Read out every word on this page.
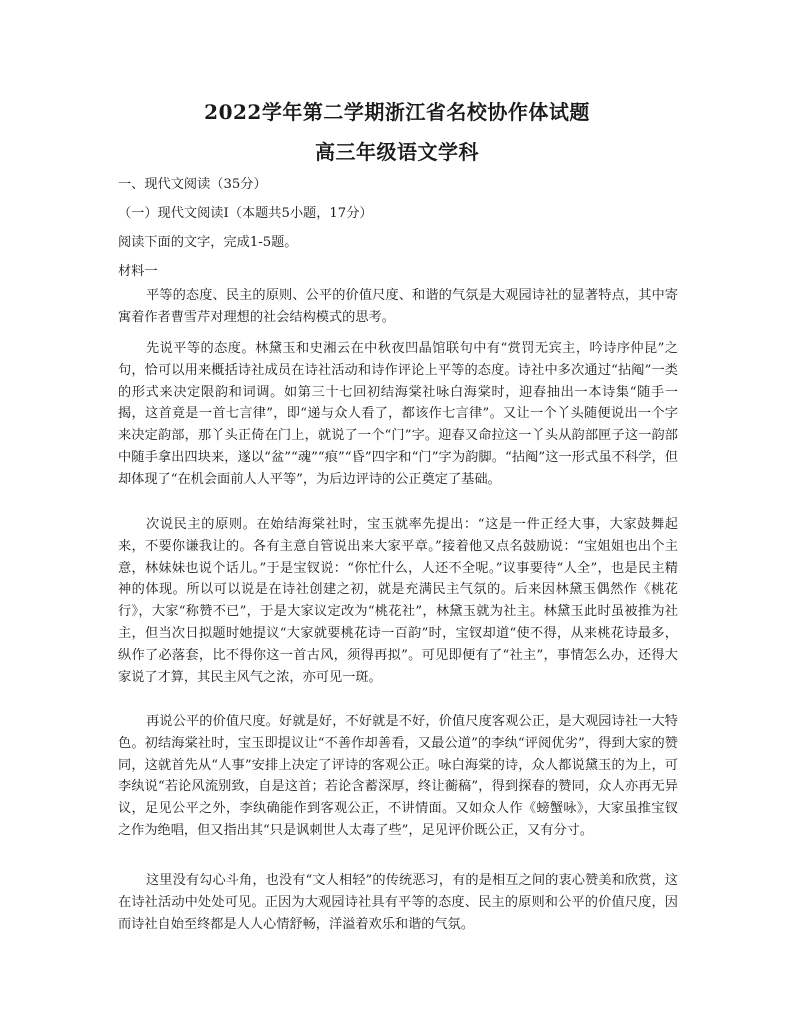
2022学年第二学期浙江省名校协作体试题
高三年级语文学科
一、现代文阅读（35分）
（一）现代文阅读I（本题共5小题，17分）
阅读下面的文字，完成1-5题。
材料一
平等的态度、民主的原则、公平的价值尺度、和谐的气氛是大观园诗社的显著特点，其中寄寓着作者曹雪芹对理想的社会结构模式的思考。
先说平等的态度。林黛玉和史湘云在中秋夜凹晶馆联句中有“赏罚无宾主，吟诗序仲昆”之句，恰可以用来概括诗社成员在诗社活动和诗作评论上平等的态度。诗社中多次通过“拈阄”一类的形式来决定限韵和词调。如第三十七回初结海棠社咏白海棠时，迎春抽出一本诗集“随手一揭，这首竟是一首七言律”，即“递与众人看了，都该作七言律”。又让一个丫头随便说出一个字来决定韵部，那丫头正倚在门上，就说了一个“门”字。迎春又命拉这一丫头从韵部匣子这一韵部中随手拿出四块来，遂以“盆”“魂”“痕”“昏”四字和“门”字为韵脚。“拈阄”这一形式虽不科学，但却体现了“在机会面前人人平等”，为后边评诗的公正奠定了基础。
次说民主的原则。在始结海棠社时，宝玉就率先提出：“这是一件正经大事，大家鼓舞起来，不要你谦我让的。各有主意自管说出来大家平章。”接着他又点名鼓励说：“宝姐姐也出个主意，林妹妹也说个话儿。”于是宝钗说：“你忙什么，人还不全呢。”议事要待“人全”，也是民主精神的体现。所以可以说是在诗社创建之初，就是充满民主气氛的。后来因林黛玉偶然作《桃花行》，大家“称赞不已”，于是大家议定改为“桃花社”，林黛玉就为社主。林黛玉此时虽被推为社主，但当次日拟题时她提议“大家就要桃花诗一百韵”时，宝钗却道“使不得，从来桃花诗最多，纵作了必落套，比不得你这一首古风，须得再拟”。可见即便有了“社主”，事情怎么办，还得大家说了才算，其民主风气之浓，亦可见一斑。
再说公平的价值尺度。好就是好，不好就是不好，价值尺度客观公正，是大观园诗社一大特色。初结海棠社时，宝玉即提议让“不善作却善看，又最公道”的李纨“评阅优劣”，得到大家的赞同，这就首先从“人事”安排上决定了评诗的客观公正。咏白海棠的诗，众人都说黛玉的为上，可李纨说“若论风流别致，自是这首；若论含蓄深厚，终让蘅稿”，得到探春的赞同，众人亦再无异议，足见公平之外，李纨确能作到客观公正，不讲情面。又如众人作《螃蟹咏》，大家虽推宝钗之作为绝唱，但又指出其“只是讽刺世人太毒了些”，足见评价既公正，又有分寸。
这里没有勾心斗角，也没有“文人相轻”的传统恶习，有的是相互之间的衷心赞美和欣赏，这在诗社活动中处处可见。正因为大观园诗社具有平等的态度、民主的原则和公平的价值尺度，因而诗社自始至终都是人人心情舒畅，洋溢着欢乐和谐的气氛。
